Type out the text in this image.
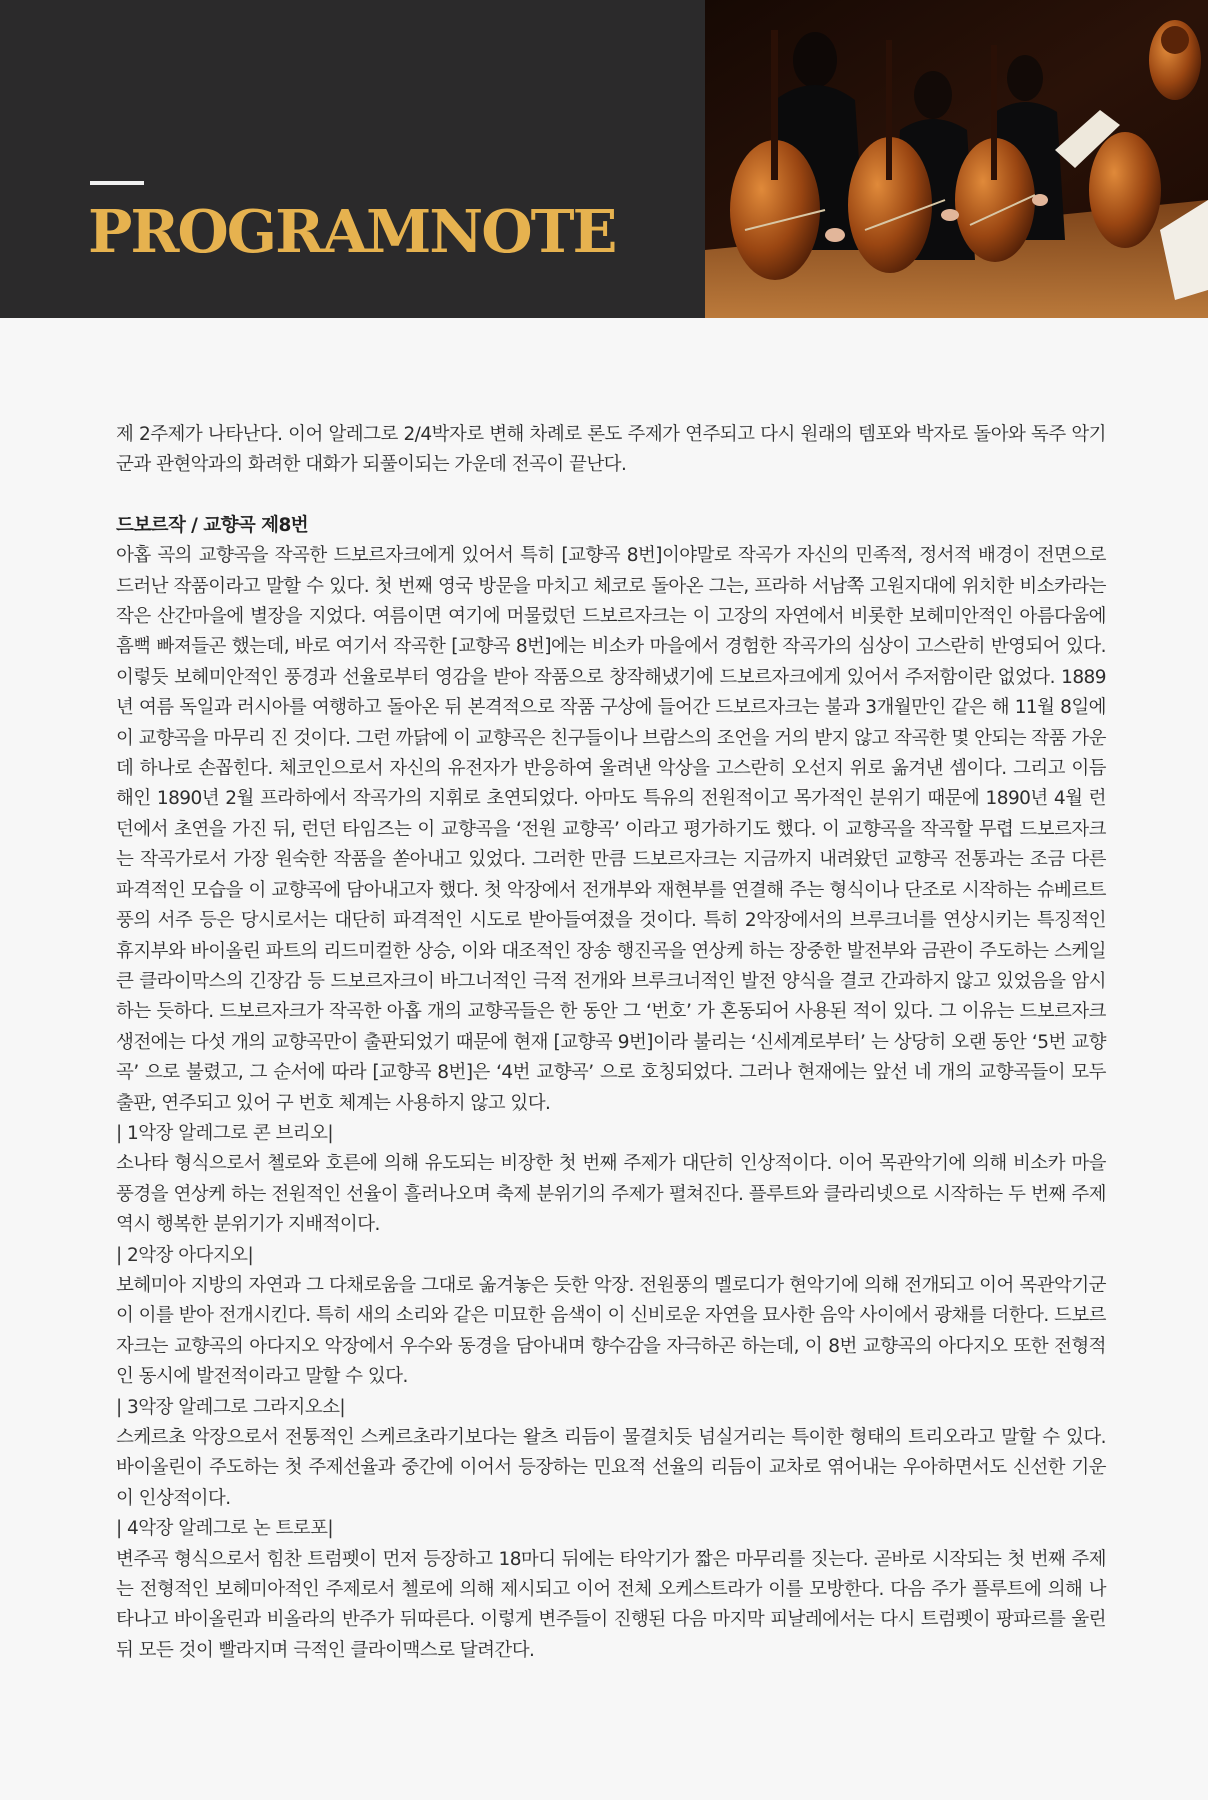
PROGRAMNOTE

제 2주제가 나타난다. 이어 알레그로 2/4박자로 변해 차례로 론도 주제가 연주되고 다시 원래의 템포와 박자로 돌아와 독주 악기군과 관현악과의 화려한 대화가 되풀이되는 가운데 전곡이 끝난다.

드보르작 / 교향곡 제8번

아홉 곡의 교향곡을 작곡한 드보르자크에게 있어서 특히 [교향곡 8번]이야말로 작곡가 자신의 민족적, 정서적 배경이 전면으로 드러난 작품이라고 말할 수 있다. 첫 번째 영국 방문을 마치고 체코로 돌아온 그는, 프라하 서남쪽 고원지대에 위치한 비소카라는 작은 산간마을에 별장을 지었다. 여름이면 여기에 머물렀던 드보르자크는 이 고장의 자연에서 비롯한 보헤미안적인 아름다움에 흠뻑 빠져들곤 했는데, 바로 여기서 작곡한 [교향곡 8번]에는 비소카 마을에서 경험한 작곡가의 심상이 고스란히 반영되어 있다. 이렇듯 보헤미안적인 풍경과 선율로부터 영감을 받아 작품으로 창작해냈기에 드보르자크에게 있어서 주저함이란 없었다. 1889년 여름 독일과 러시아를 여행하고 돌아온 뒤 본격적으로 작품 구상에 들어간 드보르자크는 불과 3개월만인 같은 해 11월 8일에 이 교향곡을 마무리 진 것이다. 그런 까닭에 이 교향곡은 친구들이나 브람스의 조언을 거의 받지 않고 작곡한 몇 안되는 작품 가운데 하나로 손꼽힌다. 체코인으로서 자신의 유전자가 반응하여 울려낸 악상을 고스란히 오선지 위로 옮겨낸 셈이다. 그리고 이듬해인 1890년 2월 프라하에서 작곡가의 지휘로 초연되었다. 아마도 특유의 전원적이고 목가적인 분위기 때문에 1890년 4월 런던에서 초연을 가진 뒤, 런던 타임즈는 이 교향곡을 ‘전원 교향곡’ 이라고 평가하기도 했다. 이 교향곡을 작곡할 무렵 드보르자크는 작곡가로서 가장 원숙한 작품을 쏟아내고 있었다. 그러한 만큼 드보르자크는 지금까지 내려왔던 교향곡 전통과는 조금 다른 파격적인 모습을 이 교향곡에 담아내고자 했다. 첫 악장에서 전개부와 재현부를 연결해 주는 형식이나 단조로 시작하는 슈베르트풍의 서주 등은 당시로서는 대단히 파격적인 시도로 받아들여졌을 것이다. 특히 2악장에서의 브루크너를 연상시키는 특징적인 휴지부와 바이올린 파트의 리드미컬한 상승, 이와 대조적인 장송 행진곡을 연상케 하는 장중한 발전부와 금관이 주도하는 스케일 큰 클라이막스의 긴장감 등 드보르자크이 바그너적인 극적 전개와 브루크너적인 발전 양식을 결코 간과하지 않고 있었음을 암시하는 듯하다. 드보르자크가 작곡한 아홉 개의 교향곡들은 한 동안 그 ‘번호’ 가 혼동되어 사용된 적이 있다. 그 이유는 드보르자크 생전에는 다섯 개의 교향곡만이 출판되었기 때문에 현재 [교향곡 9번]이라 불리는 ‘신세계로부터’ 는 상당히 오랜 동안 ‘5번 교향곡’ 으로 불렸고, 그 순서에 따라 [교향곡 8번]은 ‘4번 교향곡’ 으로 호칭되었다. 그러나 현재에는 앞선 네 개의 교향곡들이 모두 출판, 연주되고 있어 구 번호 체계는 사용하지 않고 있다.

| 1악장 알레그로 콘 브리오|

소나타 형식으로서 첼로와 호른에 의해 유도되는 비장한 첫 번째 주제가 대단히 인상적이다. 이어 목관악기에 의해 비소카 마을 풍경을 연상케 하는 전원적인 선율이 흘러나오며 축제 분위기의 주제가 펼쳐진다. 플루트와 클라리넷으로 시작하는 두 번째 주제 역시 행복한 분위기가 지배적이다.

| 2악장 아다지오|

보헤미아 지방의 자연과 그 다채로움을 그대로 옮겨놓은 듯한 악장. 전원풍의 멜로디가 현악기에 의해 전개되고 이어 목관악기군이 이를 받아 전개시킨다. 특히 새의 소리와 같은 미묘한 음색이 이 신비로운 자연을 묘사한 음악 사이에서 광채를 더한다. 드보르자크는 교향곡의 아다지오 악장에서 우수와 동경을 담아내며 향수감을 자극하곤 하는데, 이 8번 교향곡의 아다지오 또한 전형적인 동시에 발전적이라고 말할 수 있다.

| 3악장 알레그로 그라지오소|

스케르초 악장으로서 전통적인 스케르초라기보다는 왈츠 리듬이 물결치듯 넘실거리는 특이한 형태의 트리오라고 말할 수 있다. 바이올린이 주도하는 첫 주제선율과 중간에 이어서 등장하는 민요적 선율의 리듬이 교차로 엮어내는 우아하면서도 신선한 기운이 인상적이다.

| 4악장 알레그로 논 트로포|

변주곡 형식으로서 힘찬 트럼펫이 먼저 등장하고 18마디 뒤에는 타악기가 짧은 마무리를 짓는다. 곧바로 시작되는 첫 번째 주제는 전형적인 보헤미아적인 주제로서 첼로에 의해 제시되고 이어 전체 오케스트라가 이를 모방한다. 다음 주가 플루트에 의해 나타나고 바이올린과 비올라의 반주가 뒤따른다. 이렇게 변주들이 진행된 다음 마지막 피날레에서는 다시 트럼펫이 팡파르를 울린 뒤 모든 것이 빨라지며 극적인 클라이맥스로 달려간다.
